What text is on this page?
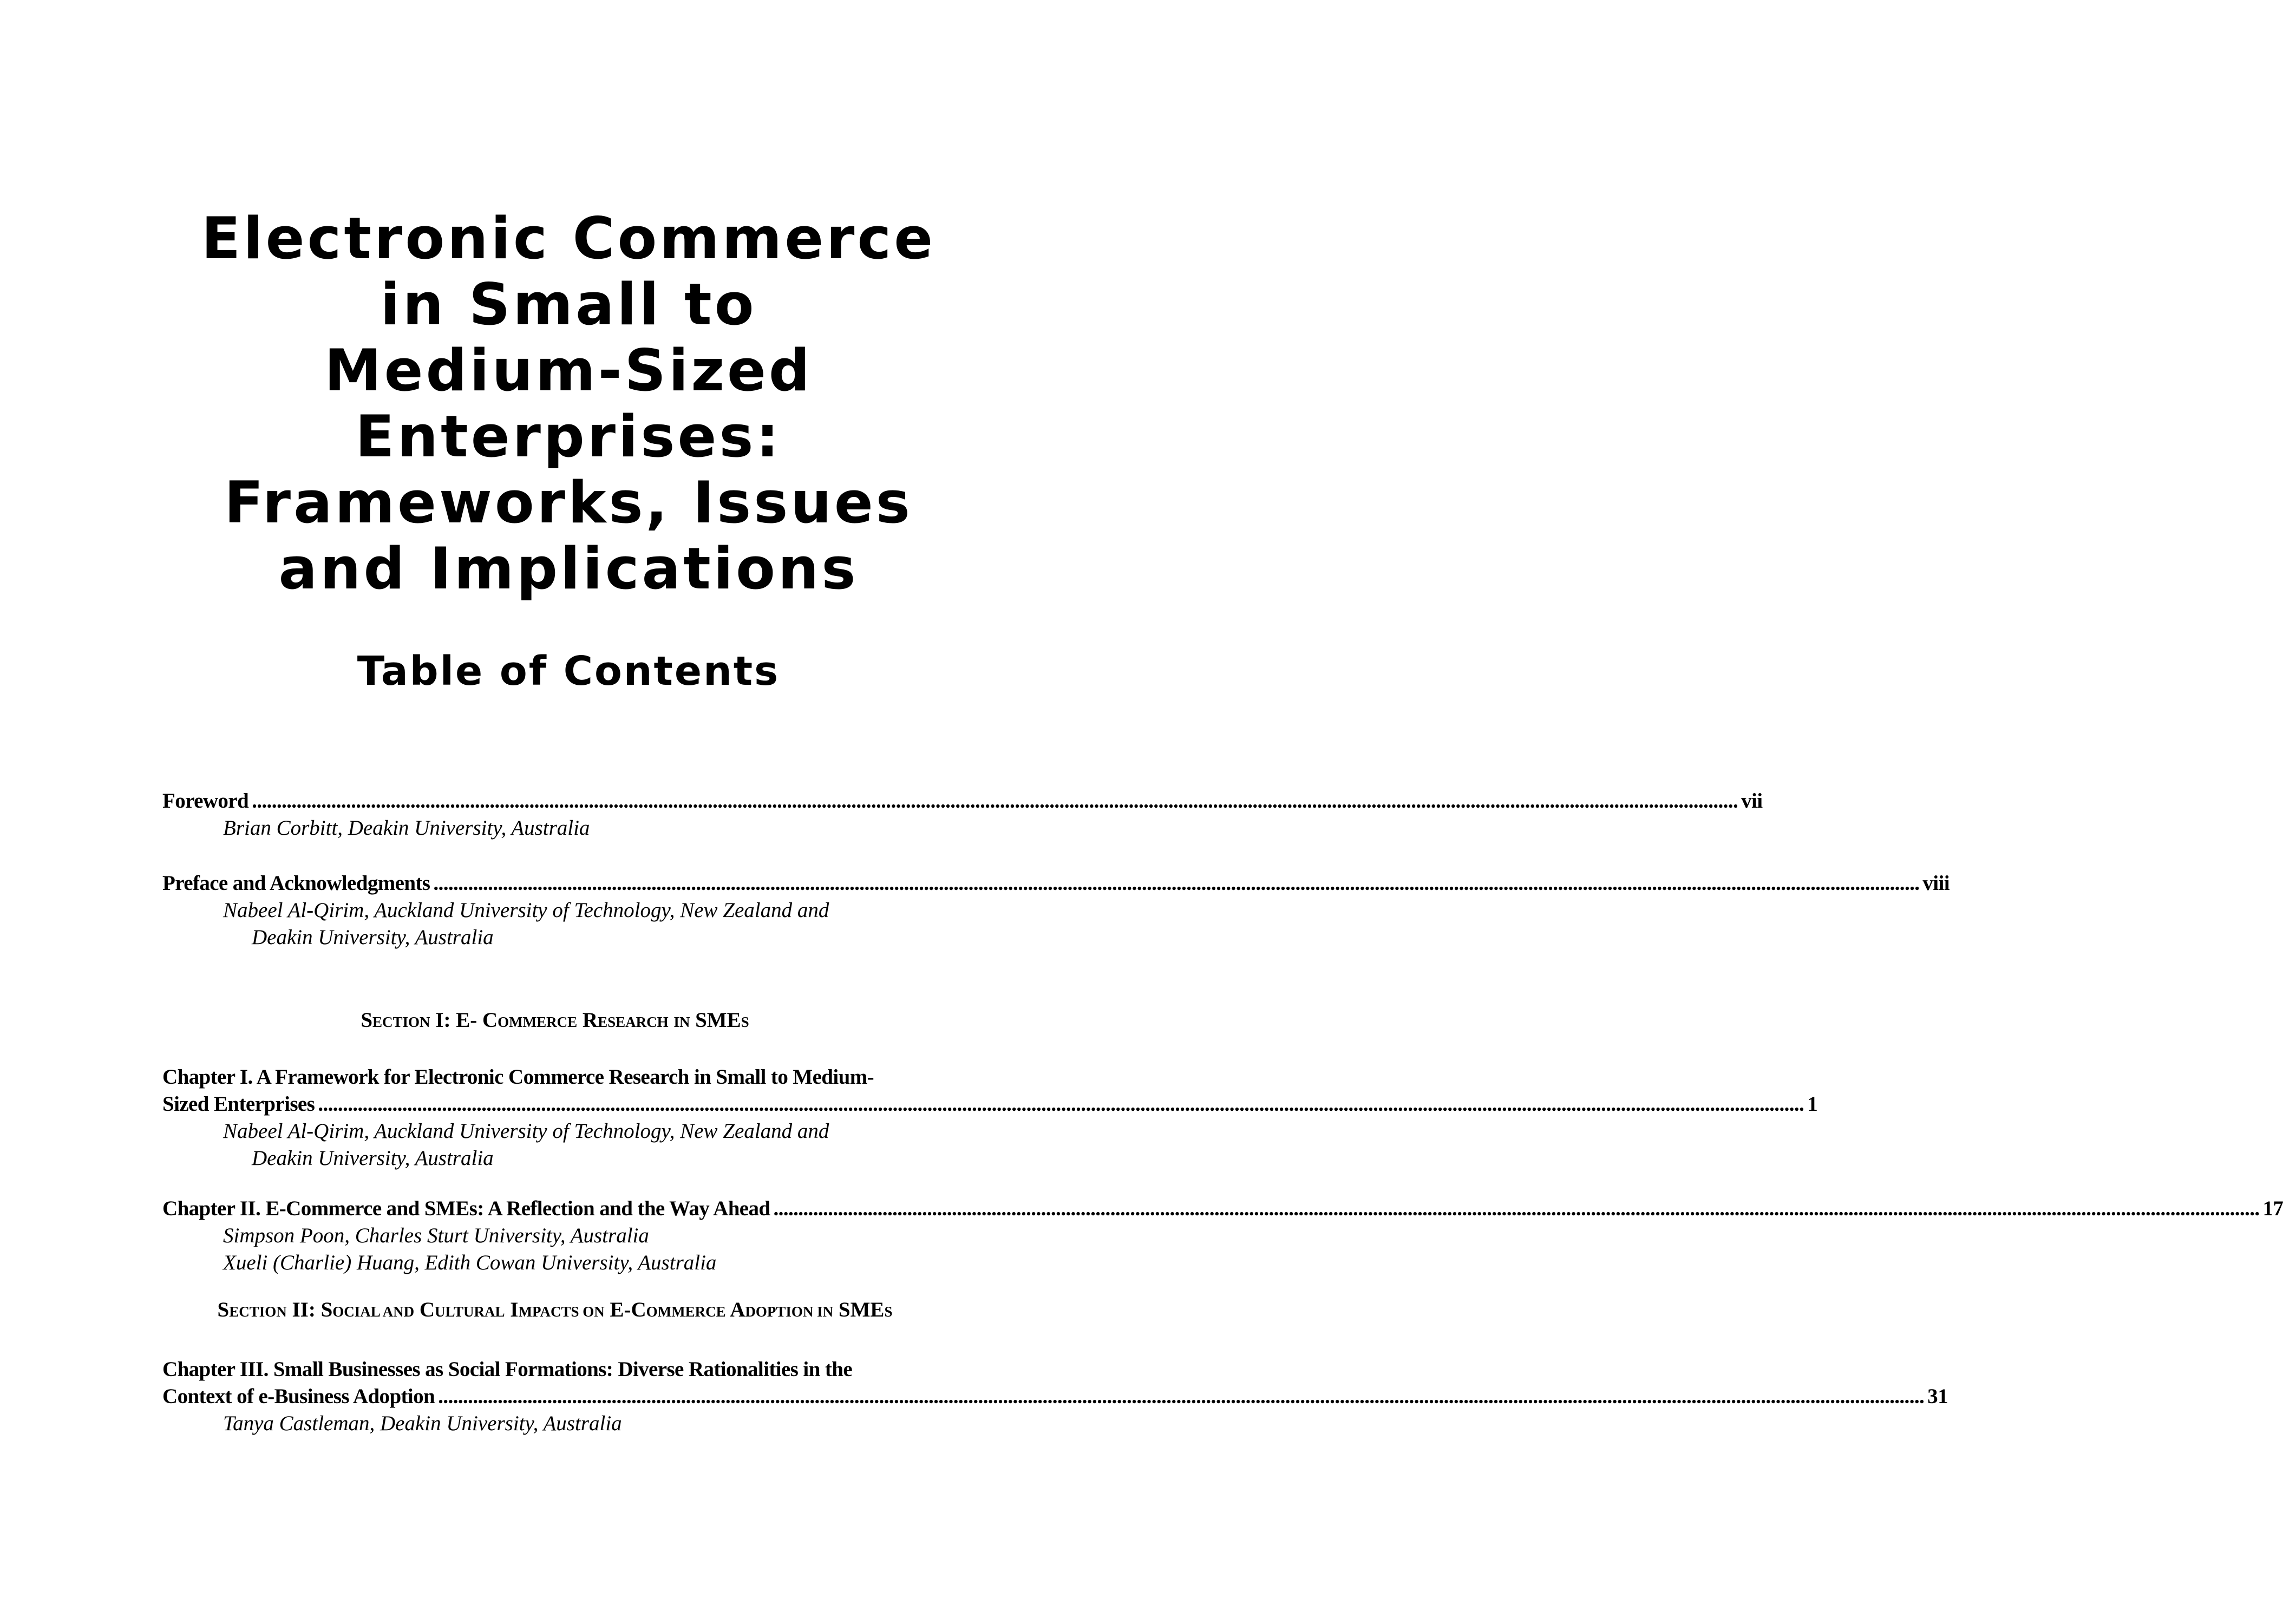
Electronic Commerce
in Small to
Medium-Sized
Enterprises:
Frameworks, Issues
and Implications
Table of Contents
Foreword ............................................................................................................................................................................................................................................................................................................ vii
Brian Corbitt, Deakin University, Australia
Preface and Acknowledgments ............................................................................................................................................................................................................................................................................................................ viii
Nabeel Al-Qirim, Auckland University of Technology, New Zealand and
Deakin University, Australia
SECTION I: E- COMMERCE RESEARCH IN SMES
Chapter I. A Framework for Electronic Commerce Research in Small to Medium-
Sized Enterprises ............................................................................................................................................................................................................................................................................................................ 1
Nabeel Al-Qirim, Auckland University of Technology, New Zealand and
Deakin University, Australia
Chapter II. E-Commerce and SMEs: A Reflection and the Way Ahead ............................................................................................................................................................................................................................................................................................................ 17
Simpson Poon, Charles Sturt University, Australia
Xueli (Charlie) Huang, Edith Cowan University, Australia
SECTION II: SOCIAL AND CULTURAL IMPACTS ON E-COMMERCE ADOPTION IN SMES
Chapter III. Small Businesses as Social Formations: Diverse Rationalities in the
Context of e-Business Adoption ............................................................................................................................................................................................................................................................................................................ 31
Tanya Castleman, Deakin University, Australia
